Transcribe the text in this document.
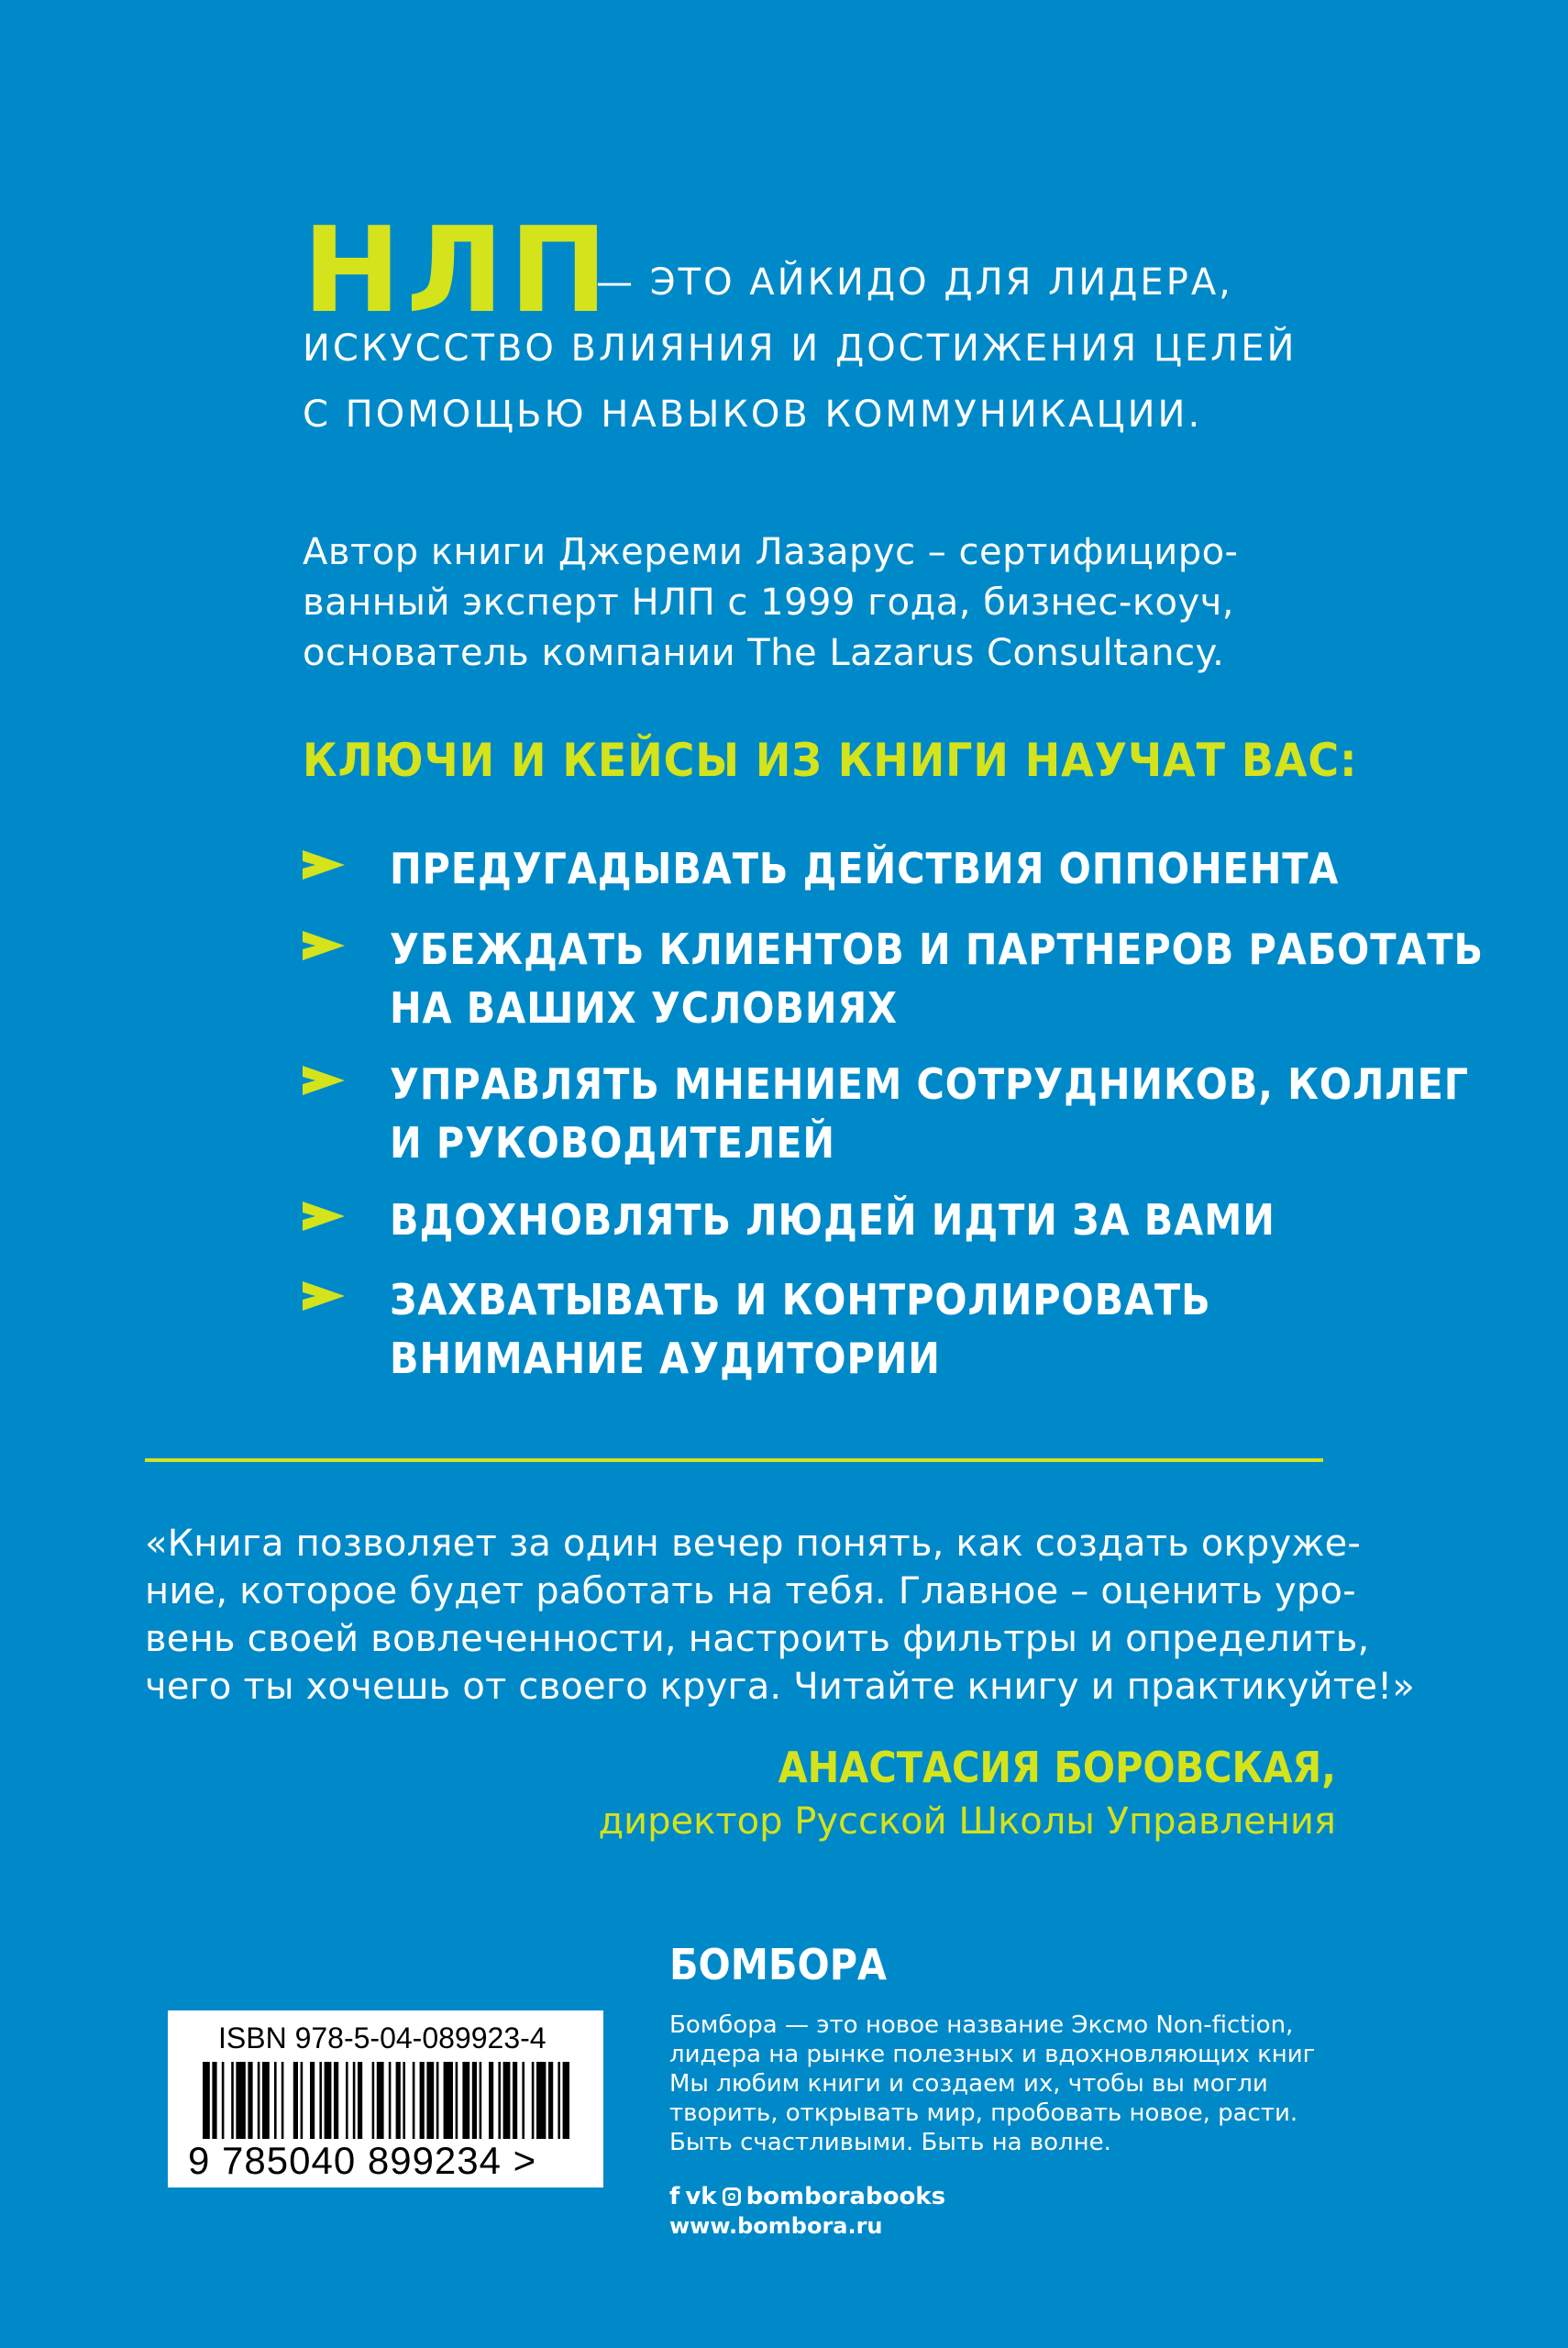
НЛП
— ЭТО АЙКИДО ДЛЯ ЛИДЕРА,
ИСКУССТВО ВЛИЯНИЯ И ДОСТИЖЕНИЯ ЦЕЛЕЙ
С ПОМОЩЬЮ НАВЫКОВ КОММУНИКАЦИИ.
Автор книги Джереми Лазарус – сертифициро-
ванный эксперт НЛП с 1999 года, бизнес-коуч,
основатель компании The Lazarus Consultancy.
КЛЮЧИ И КЕЙСЫ ИЗ КНИГИ НАУЧАТ ВАС:
ПРЕДУГАДЫВАТЬ ДЕЙСТВИЯ ОППОНЕНТА
УБЕЖДАТЬ КЛИЕНТОВ И ПАРТНЕРОВ РАБОТАТЬ
НА ВАШИХ УСЛОВИЯХ
УПРАВЛЯТЬ МНЕНИЕМ СОТРУДНИКОВ, КОЛЛЕГ
И РУКОВОДИТЕЛЕЙ
ВДОХНОВЛЯТЬ ЛЮДЕЙ ИДТИ ЗА ВАМИ
ЗАХВАТЫВАТЬ И КОНТРОЛИРОВАТЬ
ВНИМАНИЕ АУДИТОРИИ
«Книга позволяет за один вечер понять, как создать окруже-
ние, которое будет работать на тебя. Главное – оценить уро-
вень своей вовлеченности, настроить фильтры и определить,
чего ты хочешь от своего круга. Читайте книгу и практикуйте!»
АНАСТАСИЯ БОРОВСКАЯ,
директор Русской Школы Управления
ISBN 978-5-04-089923-4
9 785040 899234 >
БОМБОРА
Бомбора — это новое название Эксмо Non-fiction,
лидера на рынке полезных и вдохновляющих книг
Мы любим книги и создаем их, чтобы вы могли
творить, открывать мир, пробовать новое, расти.
Быть счастливыми. Быть на волне.
f vk bomborabooks
www.bombora.ru
